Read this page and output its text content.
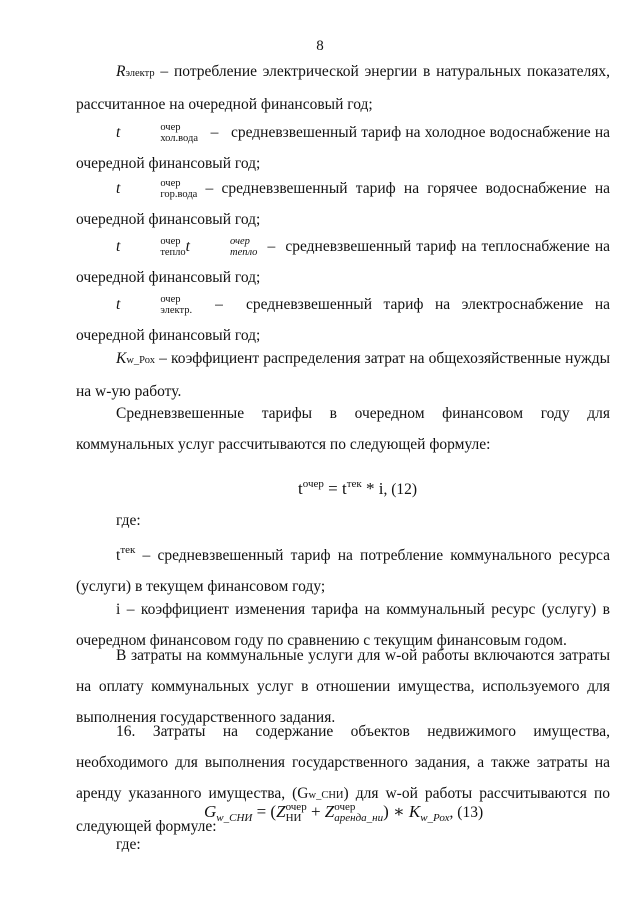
8
Rэлектр – потребление электрической энергии в натуральных показателях, рассчитанное на очередной финансовый год;
t	очер
хол.вода –   средневзвешенный тариф на холодное водоснабжение на очередной финансовый год;
t	очер
гор.вода – средневзвешенный тариф на горячее водоснабжение на очередной финансовый год;
t	очер
тепло t	очер
тепло –  средневзвешенный тариф на теплоснабжение на очередной финансовый год;
t	очер
электр. –  средневзвешенный тариф на электроснабжение на очередной финансовый год;
Kw_Рох – коэффициент распределения затрат на общехозяйственные нужды на w-ую работу.
Средневзвешенные тарифы в очередном финансовом году для коммунальных услуг рассчитываются по следующей формуле:
$t^{очер} = t^{тек} * i$, (12)
где:
$t^{тек}$ – средневзвешенный тариф на потребление коммунального ресурса (услуги) в текущем финансовом году;
i – коэффициент изменения тарифа на коммунальный ресурс (услугу) в очередном финансовом году по сравнению с текущим финансовым годом.
В затраты на коммунальные услуги для w-ой работы включаются затраты на оплату коммунальных услуг в отношении имущества, используемого для выполнения государственного задания.
16. Затраты на содержание объектов недвижимого имущества, необходимого для выполнения государственного задания, а также затраты на аренду указанного имущества, (Gw_СНИ) для w-ой работы рассчитываются по следующей формуле:
$G_{w\_СНИ} = (Z$ очер
НИ + Z очер
аренда_ни ) ∗ $K_{w\_Рох}$, (13)
где:
